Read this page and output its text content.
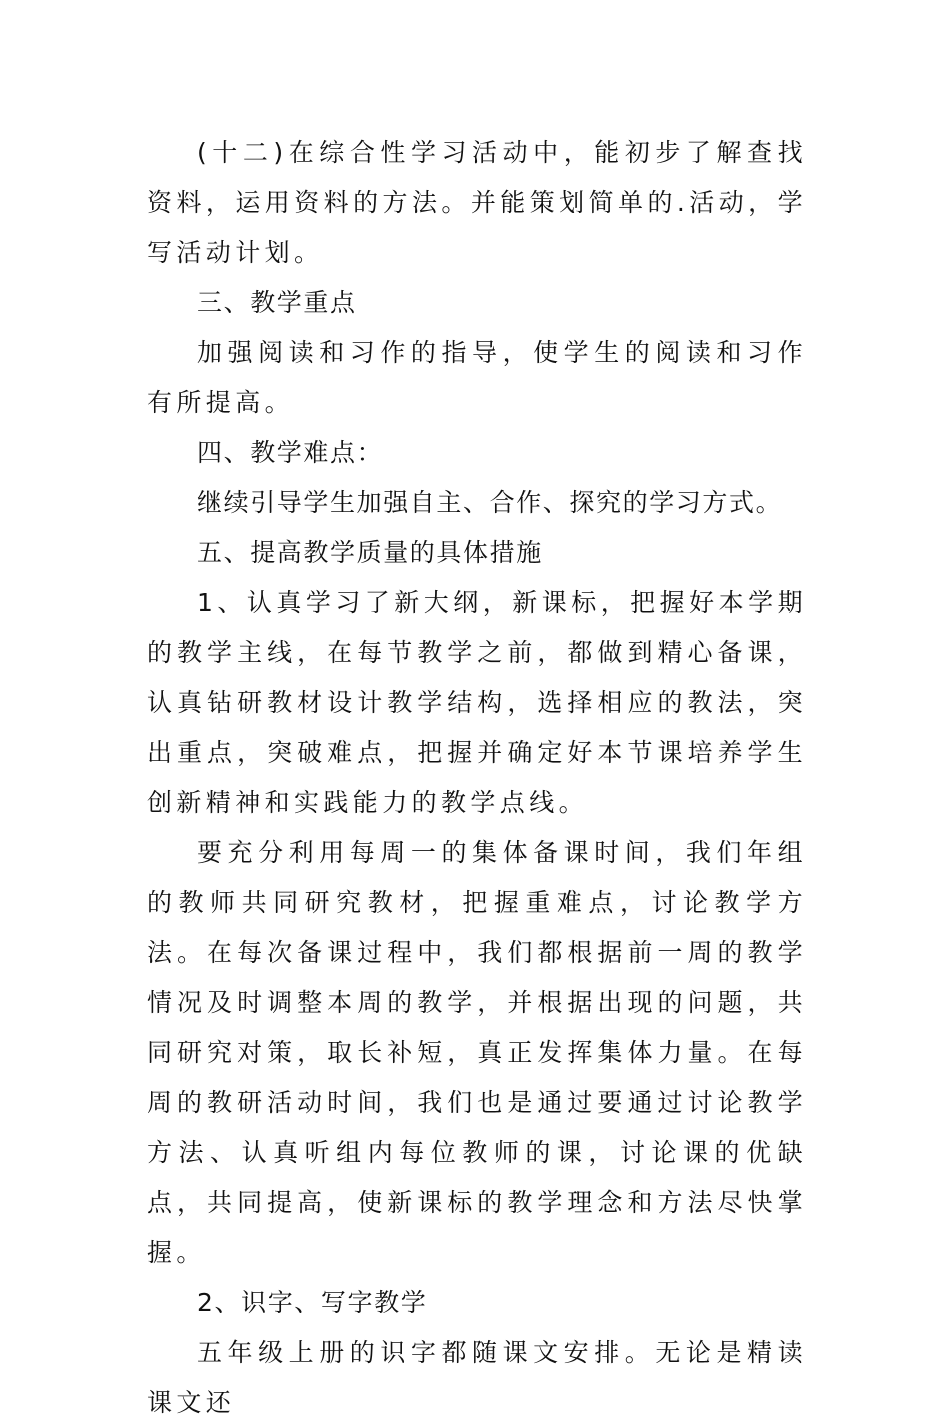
(十二)在综合性学习活动中，能初步了解查找资料，运用资料的方法。并能策划简单的.活动，学写活动计划。

三、教学重点

加强阅读和习作的指导，使学生的阅读和习作有所提高。

四、教学难点：

继续引导学生加强自主、合作、探究的学习方式。

五、提高教学质量的具体措施

1、认真学习了新大纲，新课标，把握好本学期的教学主线，在每节教学之前，都做到精心备课，认真钻研教材设计教学结构，选择相应的教法，突出重点，突破难点，把握并确定好本节课培养学生创新精神和实践能力的教学点线。

要充分利用每周一的集体备课时间，我们年组的教师共同研究教材，把握重难点，讨论教学方法。在每次备课过程中，我们都根据前一周的教学情况及时调整本周的教学，并根据出现的问题，共同研究对策，取长补短，真正发挥集体力量。在每周的教研活动时间，我们也是通过要通过讨论教学方法、认真听组内每位教师的课，讨论课的优缺点，共同提高，使新课标的教学理念和方法尽快掌握。

2、识字、写字教学

五年级上册的识字都随课文安排。无论是精读课文还
